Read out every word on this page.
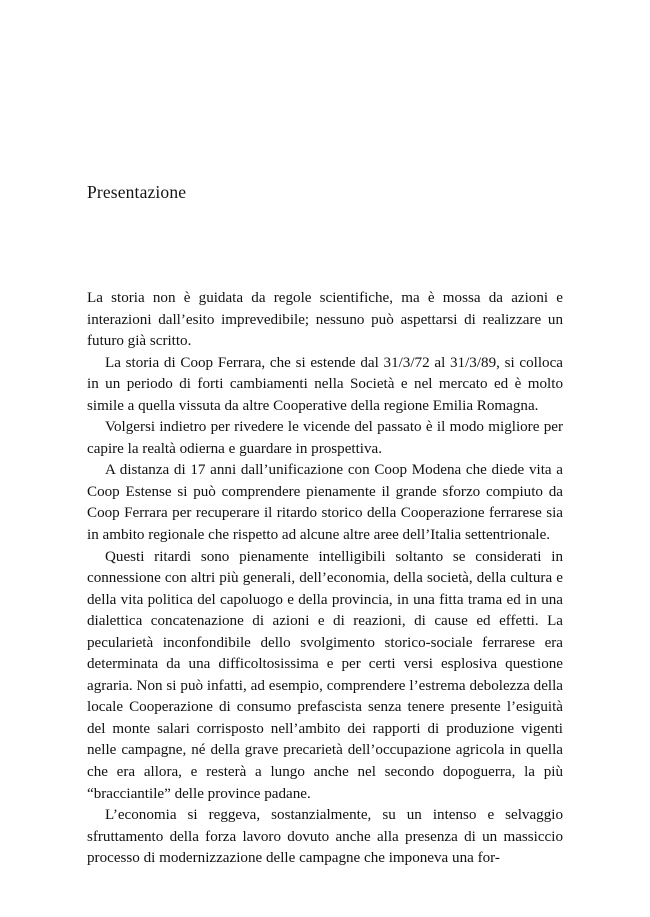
Presentazione

La storia non è guidata da regole scientifiche, ma è mossa da azioni e interazioni dall’esito imprevedibile; nessuno può aspettarsi di realizzare un futuro già scritto.

La storia di Coop Ferrara, che si estende dal 31/3/72 al 31/3/89, si colloca in un periodo di forti cambiamenti nella Società e nel mercato ed è molto simile a quella vissuta da altre Cooperative della regione Emilia Romagna.

Volgersi indietro per rivedere le vicende del passato è il modo migliore per capire la realtà odierna e guardare in prospettiva.

A distanza di 17 anni dall’unificazione con Coop Modena che diede vita a Coop Estense si può comprendere pienamente il grande sforzo compiuto da Coop Ferrara per recuperare il ritardo storico della Cooperazione ferrarese sia in ambito regionale che rispetto ad alcune altre aree dell’Italia settentrionale.

Questi ritardi sono pienamente intelligibili soltanto se considerati in connessione con altri più generali, dell’economia, della società, della cultura e della vita politica del capoluogo e della provincia, in una fitta trama ed in una dialettica concatenazione di azioni e di reazioni, di cause ed effetti. La pecularietà inconfondibile dello svolgimento storico-sociale ferrarese era determinata da una difficoltosissima e per certi versi esplosiva questione agraria. Non si può infatti, ad esempio, comprendere l’estrema debolezza della locale Cooperazione di consumo prefascista senza tenere presente l’esiguità del monte salari corrisposto nell’ambito dei rapporti di produzione vigenti nelle campagne, né della grave precarietà dell’occupazione agricola in quella che era allora, e resterà a lungo anche nel secondo dopoguerra, la più “bracciantile” delle province padane.

L’economia si reggeva, sostanzialmente, su un intenso e selvaggio sfruttamento della forza lavoro dovuto anche alla presenza di un massiccio processo di modernizzazione delle campagne che imponeva una for-
